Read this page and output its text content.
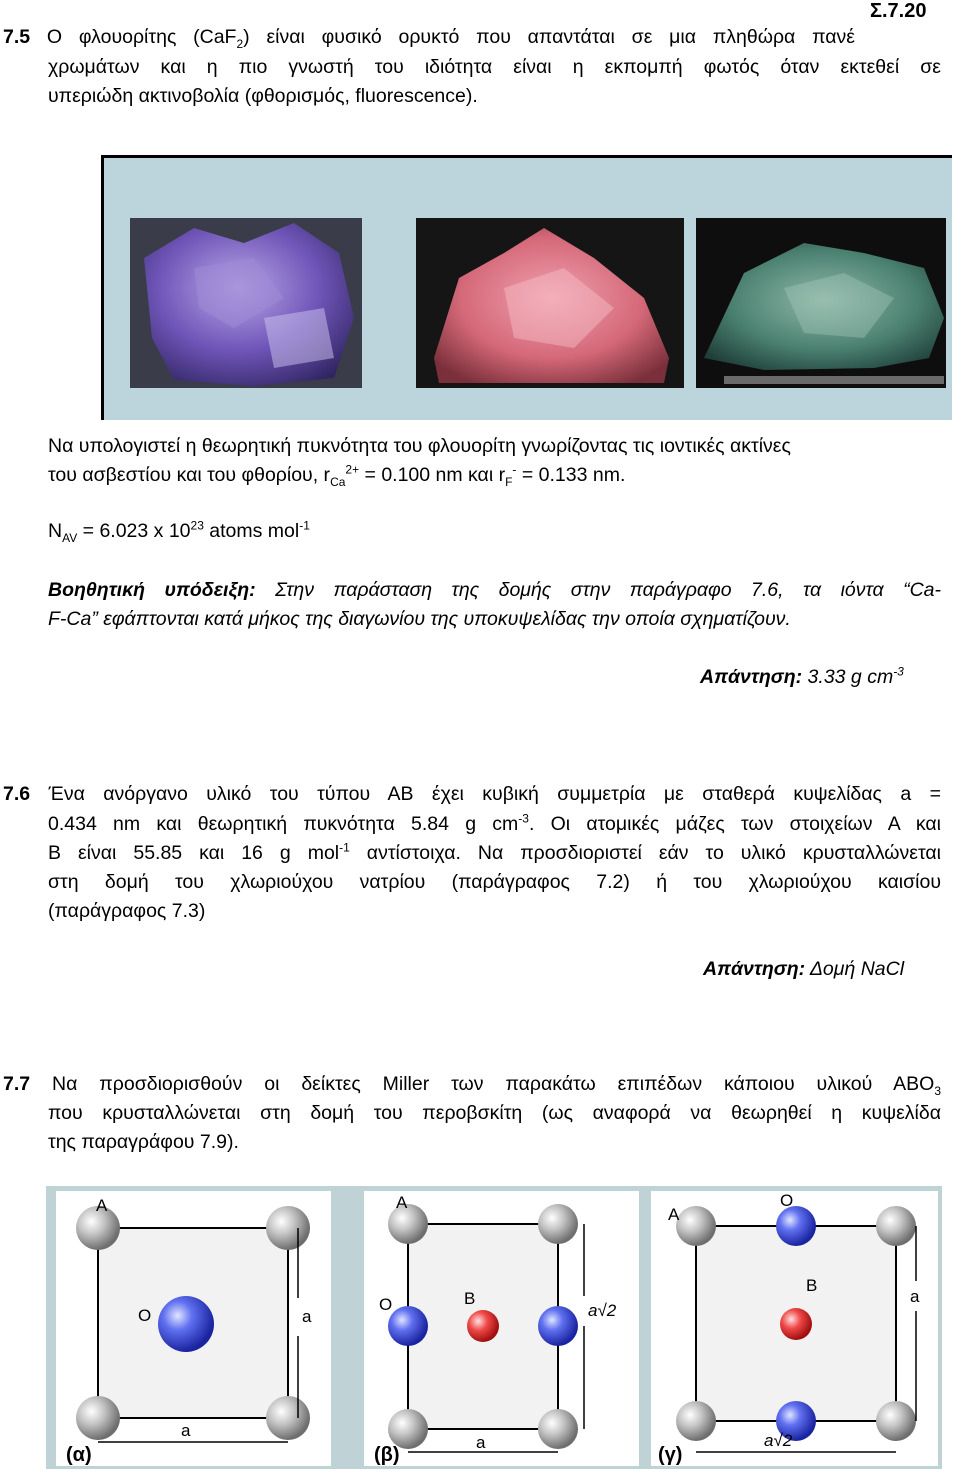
Σ.7.20
7.5 Ο φλουορίτης (CaF$_2$) είναι φυσικό ορυκτό που απαντάται σε μια πληθώρα πανέ
χρωμάτων και η πιο γνωστή του ιδιότητα είναι η εκπομπή φωτός όταν εκτεθεί σε
υπεριώδη ακτινοβολία (φθορισμός, fluorescence).
Να υπολογιστεί η θεωρητική πυκνότητα του φλουορίτη γνωρίζοντας τις ιοντικές ακτίνες
του ασβεστίου και του φθορίου, $r_{Ca}^{2+} = 0.100$ nm και $r_F^- = 0.133$ nm.
$N_{AV} = 6.023$ x $10^{23}$ atoms mol$^{-1}$
Βοηθητική υπόδειξη: Στην παράσταση της δομής στην παράγραφο 7.6, τα ιόντα “Ca-
F-Ca” εφάπτονται κατά μήκος της διαγωνίου της υποκυψελίδας την οποία σχηματίζουν.
Απάντηση: 3.33 g $cm^{-3}$
7.6 Ένα ανόργανο υλικό του τύπου ΑΒ έχει κυβική συμμετρία με σταθερά κυψελίδας a =
0.434 nm και θεωρητική πυκνότητα 5.84 g $cm^{-3}$. Οι ατομικές μάζες των στοιχείων Α και
Β είναι 55.85 και 16 g mol$^{-1}$ αντίστοιχα. Να προσδιοριστεί εάν το υλικό κρυσταλλώνεται
στη δομή του χλωριούχου νατρίου (παράγραφος 7.2) ή του χλωριούχου καισίου
(παράγραφος 7.3)
Απάντηση: Δομή NaCl
7.7 Να προσδιορισθούν οι δείκτες Miller των παρακάτω επιπέδων κάποιου υλικού $ABO_3$
που κρυσταλλώνεται στη δομή του περοβσκίτη (ως αναφορά να θεωρηθεί η κυψελίδα
της παραγράφου 7.9).
A
O	a
a
(α)
A
B
O	a√2
a
(β)
A
O
B
a
a√2
(γ)
